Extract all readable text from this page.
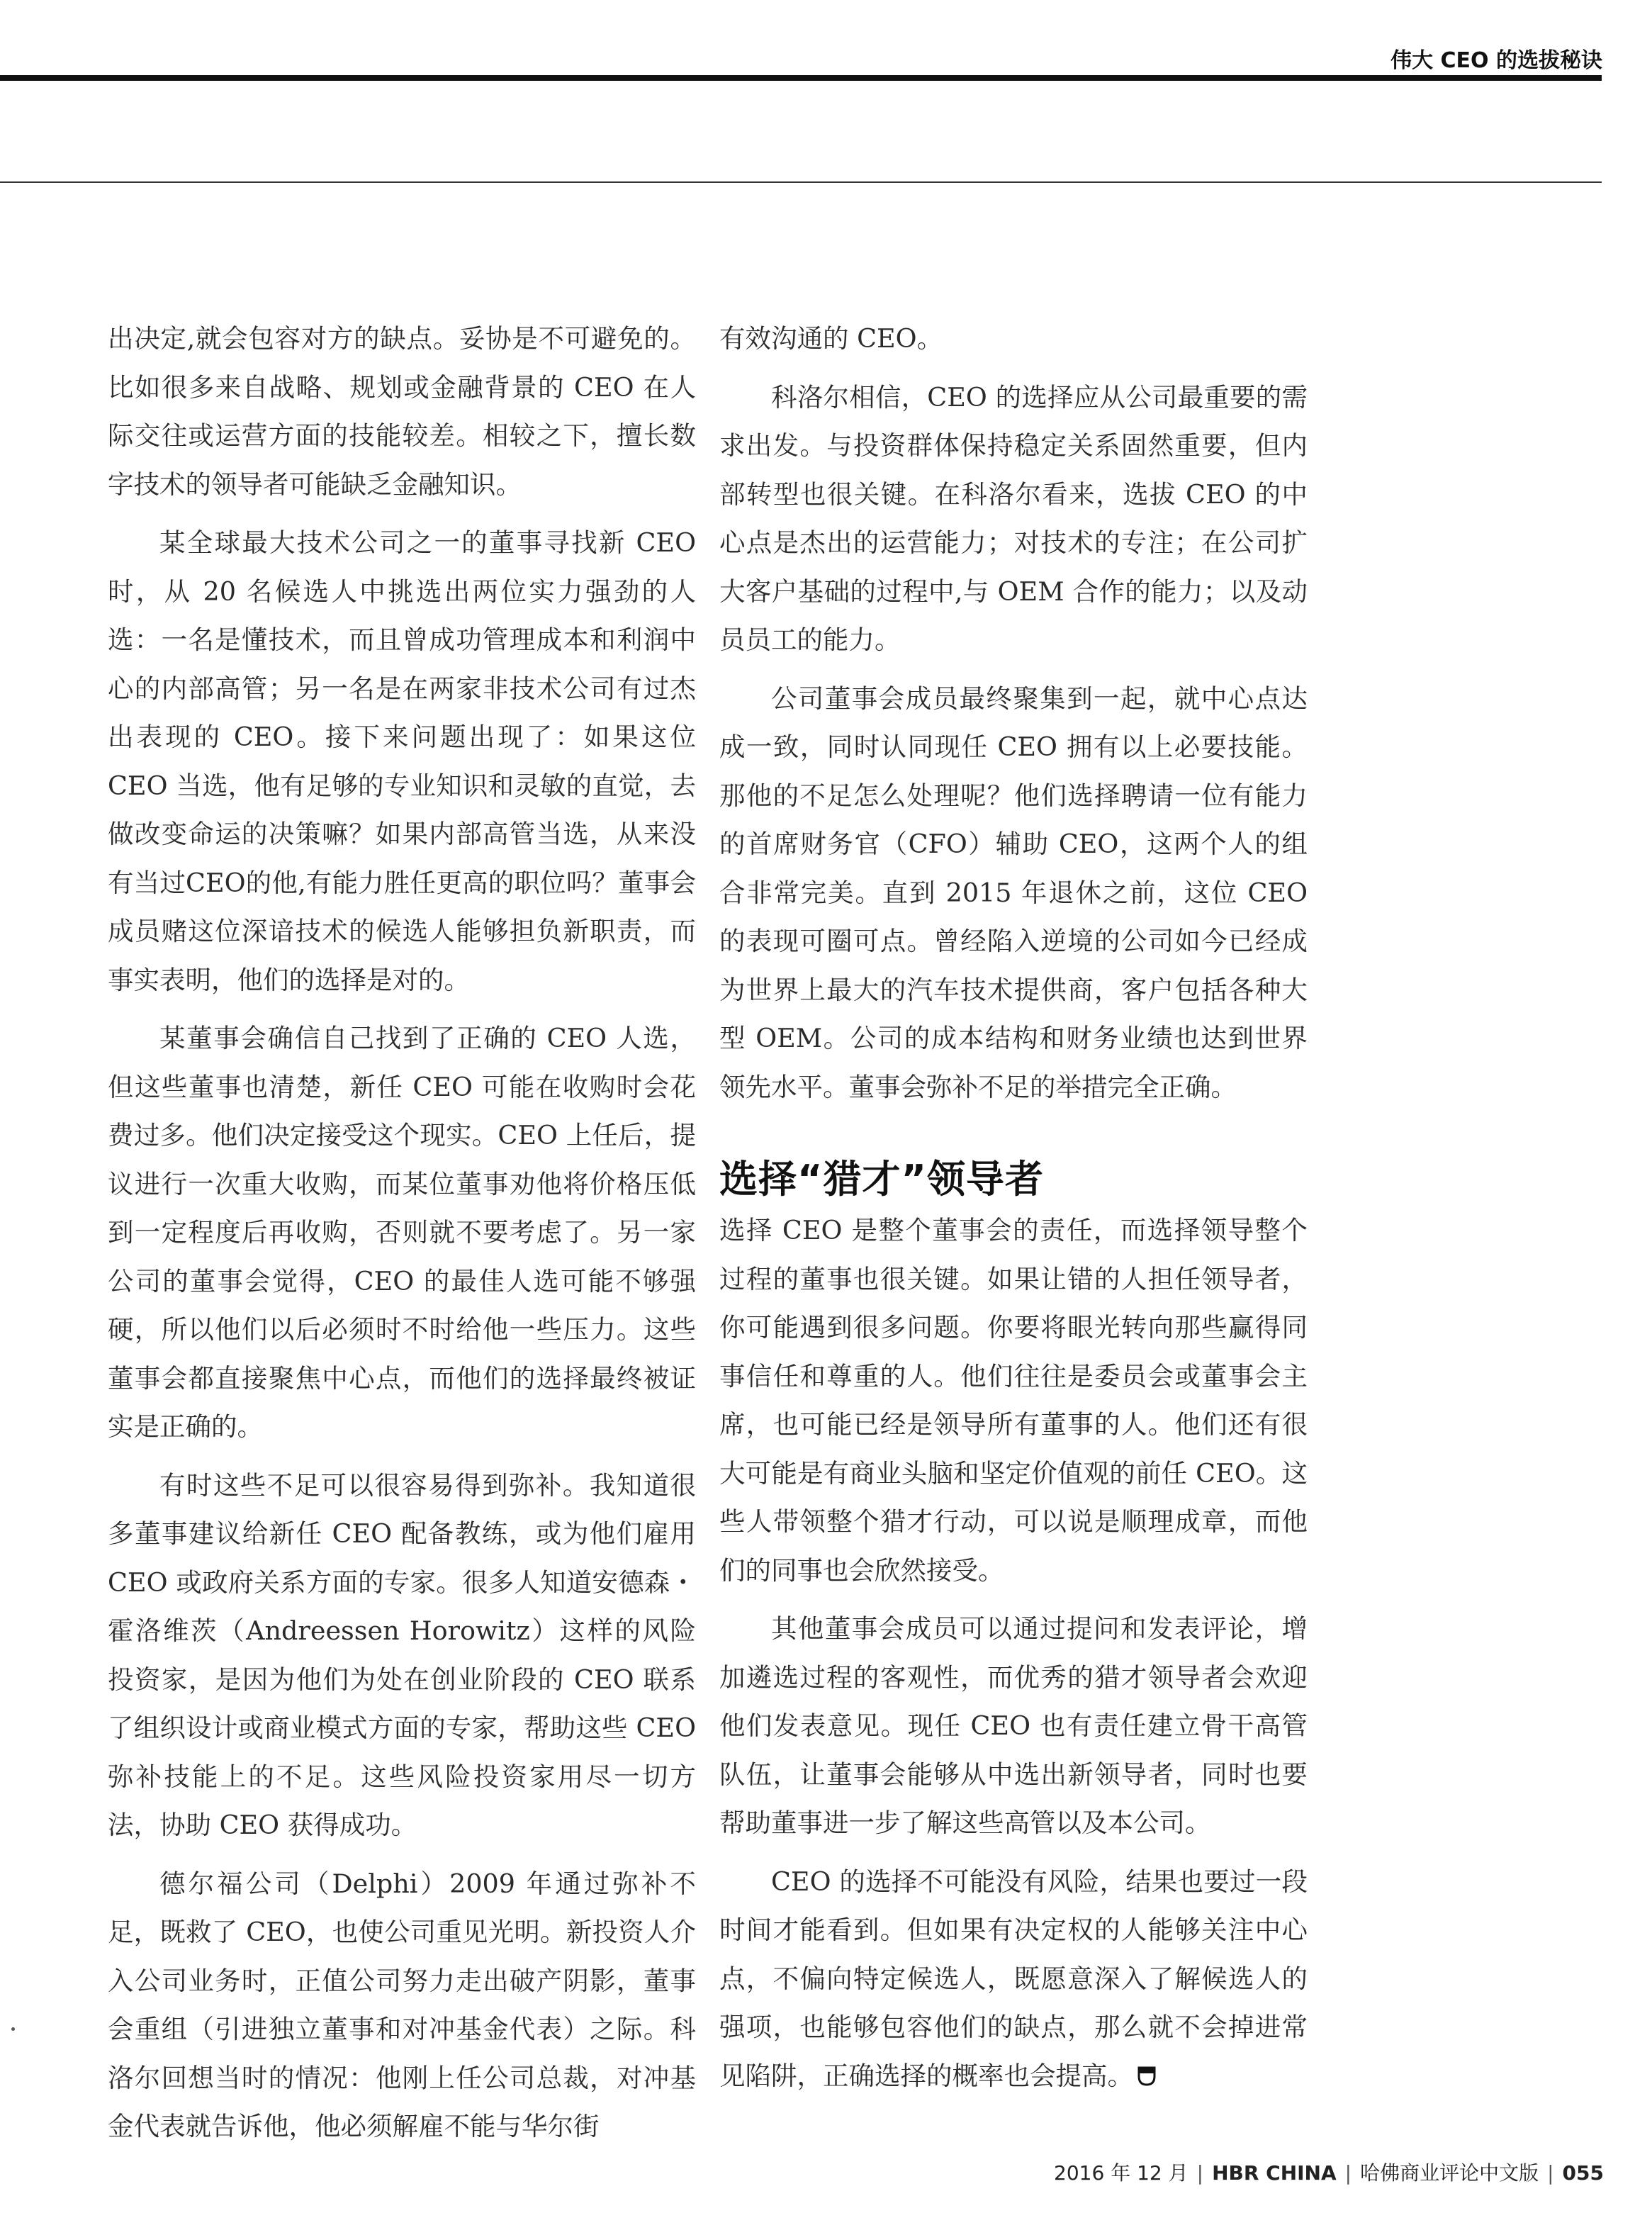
伟大 CEO 的选拔秘诀

出决定,就会包容对方的缺点。妥协是不可避免的。比如很多来自战略、规划或金融背景的 CEO 在人际交往或运营方面的技能较差。相较之下，擅长数字技术的领导者可能缺乏金融知识。

某全球最大技术公司之一的董事寻找新 CEO 时，从 20 名候选人中挑选出两位实力强劲的人选：一名是懂技术，而且曾成功管理成本和利润中心的内部高管；另一名是在两家非技术公司有过杰出表现的 CEO。接下来问题出现了：如果这位 CEO 当选，他有足够的专业知识和灵敏的直觉，去做改变命运的决策嘛？如果内部高管当选，从来没有当过CEO的他,有能力胜任更高的职位吗？董事会成员赌这位深谙技术的候选人能够担负新职责，而事实表明，他们的选择是对的。

某董事会确信自己找到了正确的 CEO 人选，但这些董事也清楚，新任 CEO 可能在收购时会花费过多。他们决定接受这个现实。CEO 上任后，提议进行一次重大收购，而某位董事劝他将价格压低到一定程度后再收购，否则就不要考虑了。另一家公司的董事会觉得，CEO 的最佳人选可能不够强硬，所以他们以后必须时不时给他一些压力。这些董事会都直接聚焦中心点，而他们的选择最终被证实是正确的。

有时这些不足可以很容易得到弥补。我知道很多董事建议给新任 CEO 配备教练，或为他们雇用 CEO 或政府关系方面的专家。很多人知道安德森・霍洛维茨（Andreessen Horowitz）这样的风险投资家，是因为他们为处在创业阶段的 CEO 联系了组织设计或商业模式方面的专家，帮助这些 CEO 弥补技能上的不足。这些风险投资家用尽一切方法，协助 CEO 获得成功。

德尔福公司（Delphi）2009 年通过弥补不足，既救了 CEO，也使公司重见光明。新投资人介入公司业务时，正值公司努力走出破产阴影，董事会重组（引进独立董事和对冲基金代表）之际。科洛尔回想当时的情况：他刚上任公司总裁，对冲基金代表就告诉他，他必须解雇不能与华尔街

有效沟通的 CEO。

科洛尔相信，CEO 的选择应从公司最重要的需求出发。与投资群体保持稳定关系固然重要，但内部转型也很关键。在科洛尔看来，选拔 CEO 的中心点是杰出的运营能力；对技术的专注；在公司扩大客户基础的过程中,与 OEM 合作的能力；以及动员员工的能力。

公司董事会成员最终聚集到一起，就中心点达成一致，同时认同现任 CEO 拥有以上必要技能。那他的不足怎么处理呢？他们选择聘请一位有能力的首席财务官（CFO）辅助 CEO，这两个人的组合非常完美。直到 2015 年退休之前，这位 CEO 的表现可圈可点。曾经陷入逆境的公司如今已经成为世界上最大的汽车技术提供商，客户包括各种大型 OEM。公司的成本结构和财务业绩也达到世界领先水平。董事会弥补不足的举措完全正确。

选择“猎才”领导者

选择 CEO 是整个董事会的责任，而选择领导整个过程的董事也很关键。如果让错的人担任领导者，你可能遇到很多问题。你要将眼光转向那些赢得同事信任和尊重的人。他们往往是委员会或董事会主席，也可能已经是领导所有董事的人。他们还有很大可能是有商业头脑和坚定价值观的前任 CEO。这些人带领整个猎才行动，可以说是顺理成章，而他们的同事也会欣然接受。

其他董事会成员可以通过提问和发表评论，增加遴选过程的客观性，而优秀的猎才领导者会欢迎他们发表意见。现任 CEO 也有责任建立骨干高管队伍，让董事会能够从中选出新领导者，同时也要帮助董事进一步了解这些高管以及本公司。

CEO 的选择不可能没有风险，结果也要过一段时间才能看到。但如果有决定权的人能够关注中心点，不偏向特定候选人，既愿意深入了解候选人的强项，也能够包容他们的缺点，那么就不会掉进常见陷阱，正确选择的概率也会提高。

2016 年 12 月 | HBR CHINA | 哈佛商业评论中文版 | 055
